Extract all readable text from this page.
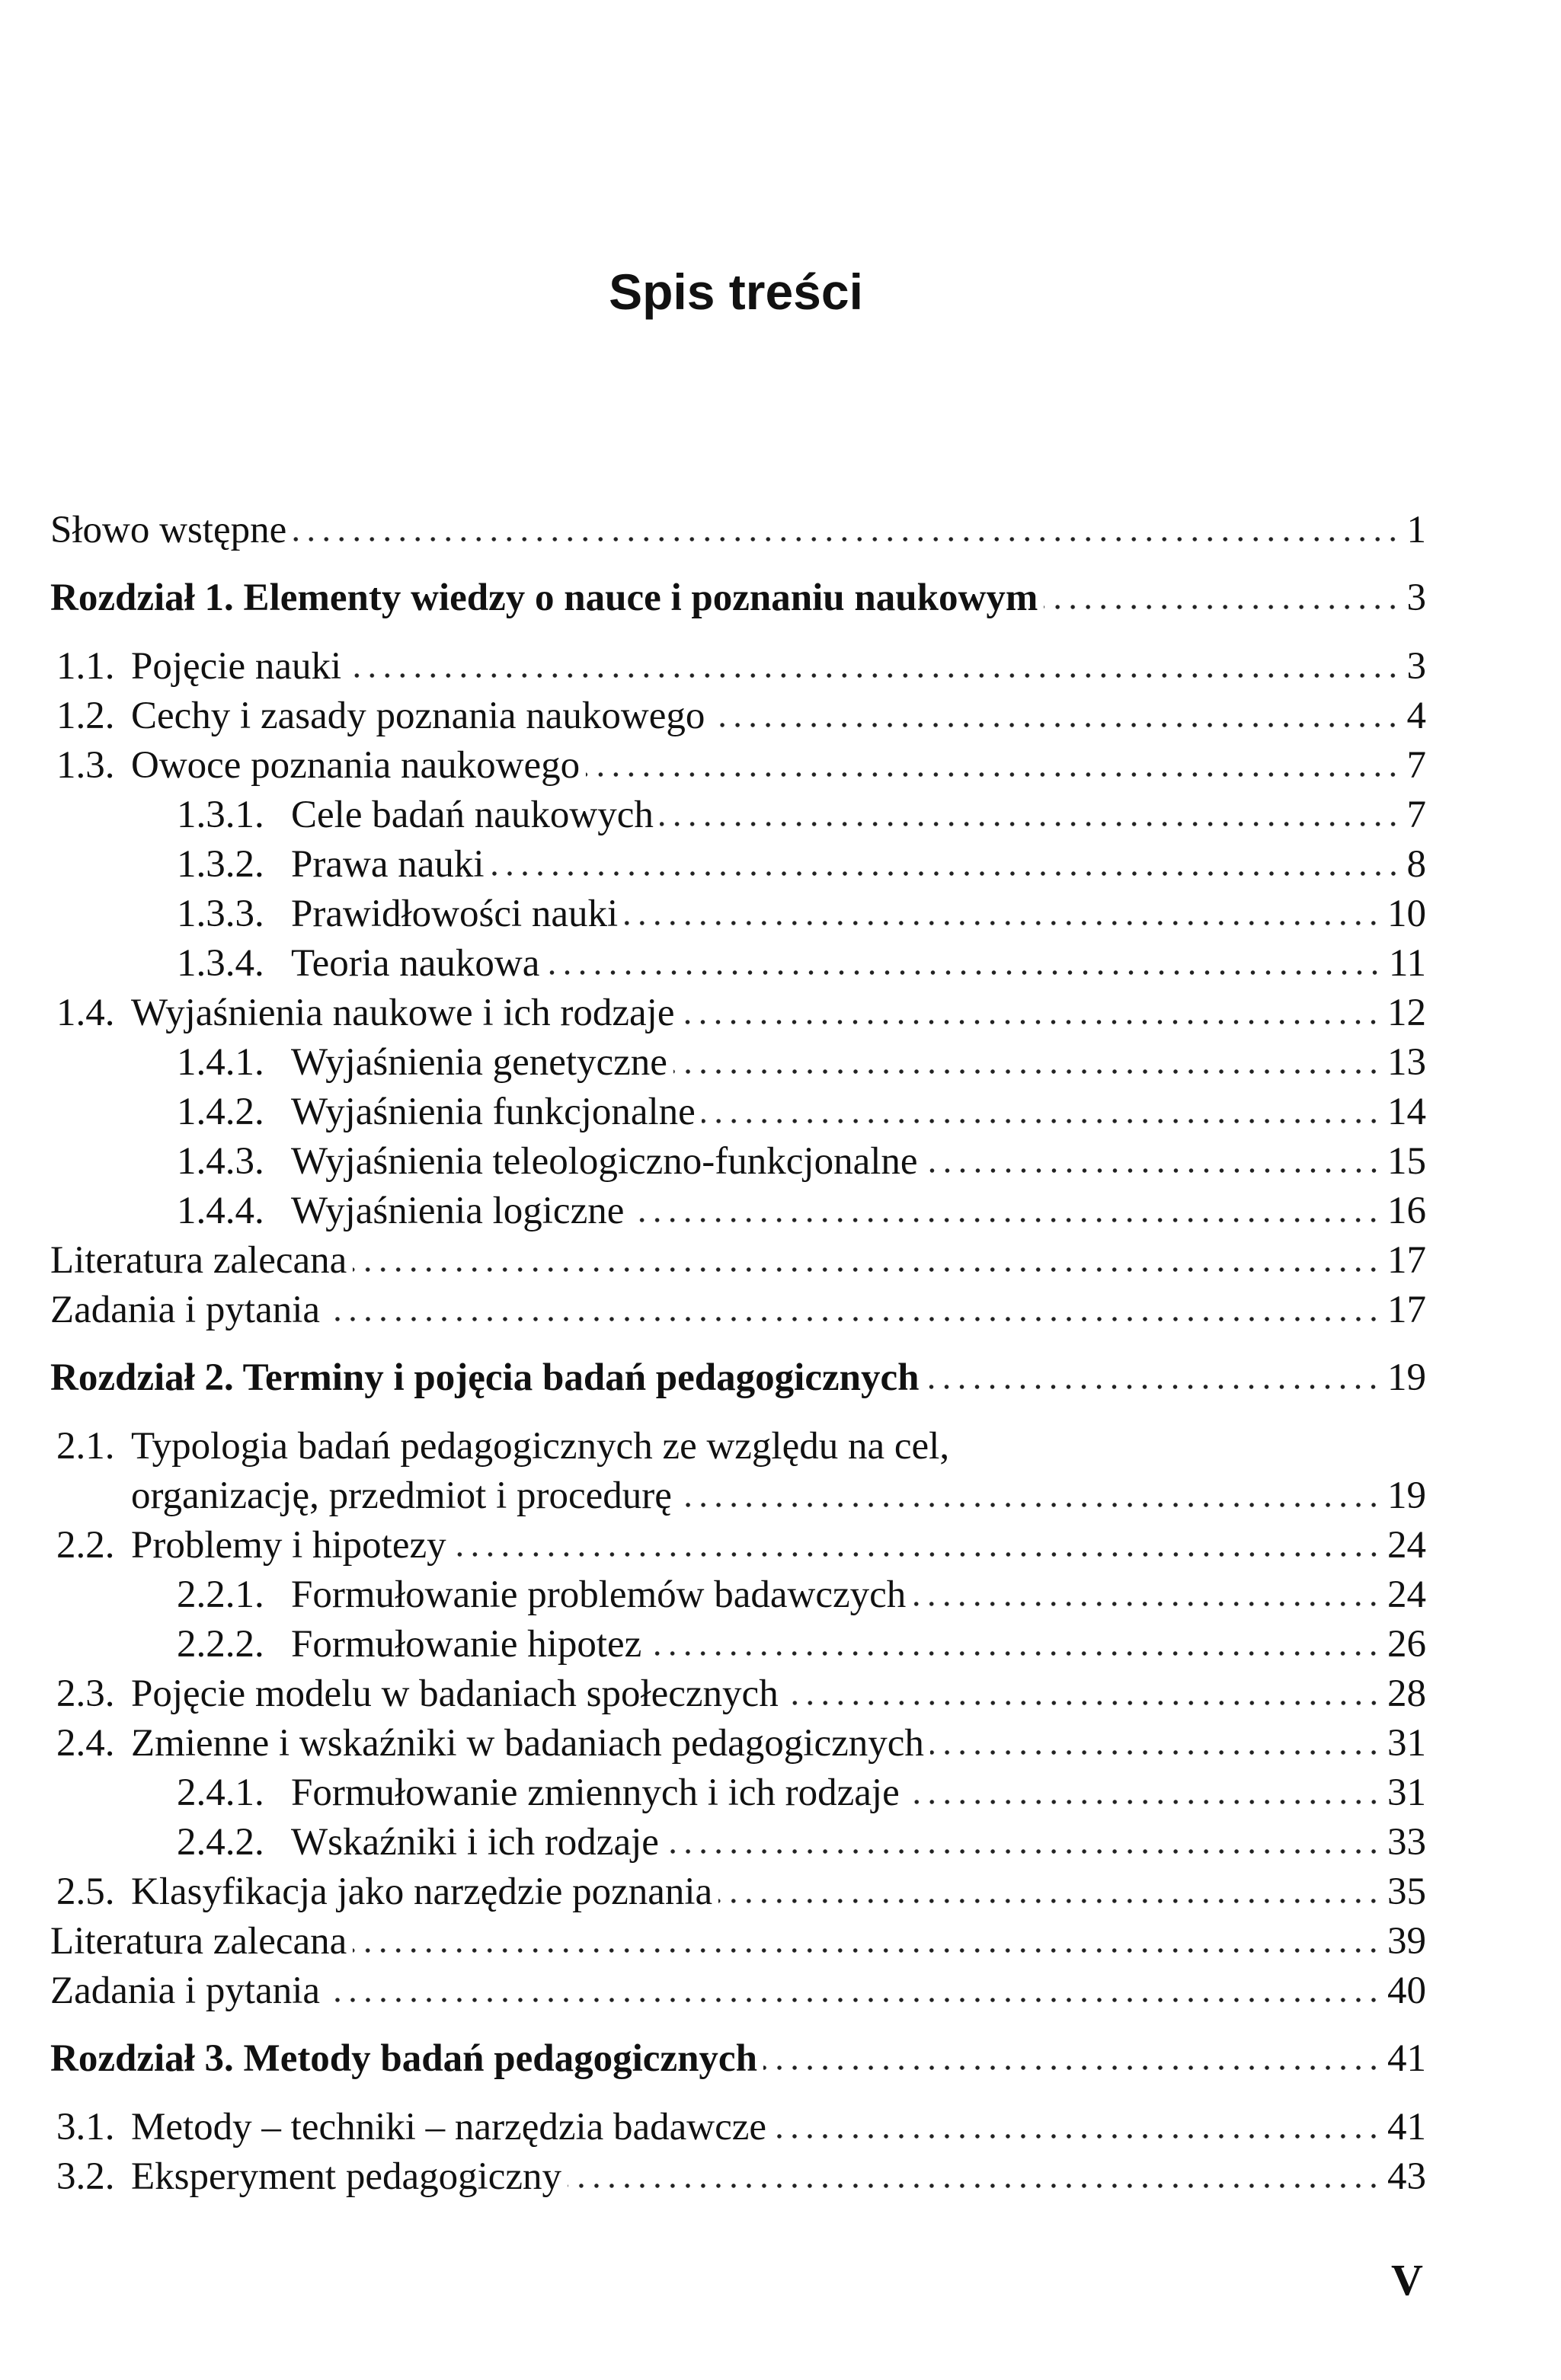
Spis treści
Słowo wstępne	1
Rozdział 1. Elementy wiedzy o nauce i poznaniu naukowym	3
1.1. Pojęcie nauki	3
1.2. Cechy i zasady poznania naukowego	4
1.3. Owoce poznania naukowego	7
1.3.1. Cele badań naukowych	7
1.3.2. Prawa nauki	8
1.3.3. Prawidłowości nauki	10
1.3.4. Teoria naukowa	11
1.4. Wyjaśnienia naukowe i ich rodzaje	12
1.4.1. Wyjaśnienia genetyczne	13
1.4.2. Wyjaśnienia funkcjonalne	14
1.4.3. Wyjaśnienia teleologiczno-funkcjonalne	15
1.4.4. Wyjaśnienia logiczne	16
Literatura zalecana	17
Zadania i pytania	17
Rozdział 2. Terminy i pojęcia badań pedagogicznych	19
2.1. Typologia badań pedagogicznych ze względu na cel,
organizację, przedmiot i procedurę	19
2.2. Problemy i hipotezy	24
2.2.1. Formułowanie problemów badawczych	24
2.2.2. Formułowanie hipotez	26
2.3. Pojęcie modelu w badaniach społecznych	28
2.4. Zmienne i wskaźniki w badaniach pedagogicznych	31
2.4.1. Formułowanie zmiennych i ich rodzaje	31
2.4.2. Wskaźniki i ich rodzaje	33
2.5. Klasyfikacja jako narzędzie poznania	35
Literatura zalecana	39
Zadania i pytania	40
Rozdział 3. Metody badań pedagogicznych	41
3.1. Metody – techniki – narzędzia badawcze	41
3.2. Eksperyment pedagogiczny	43
V
